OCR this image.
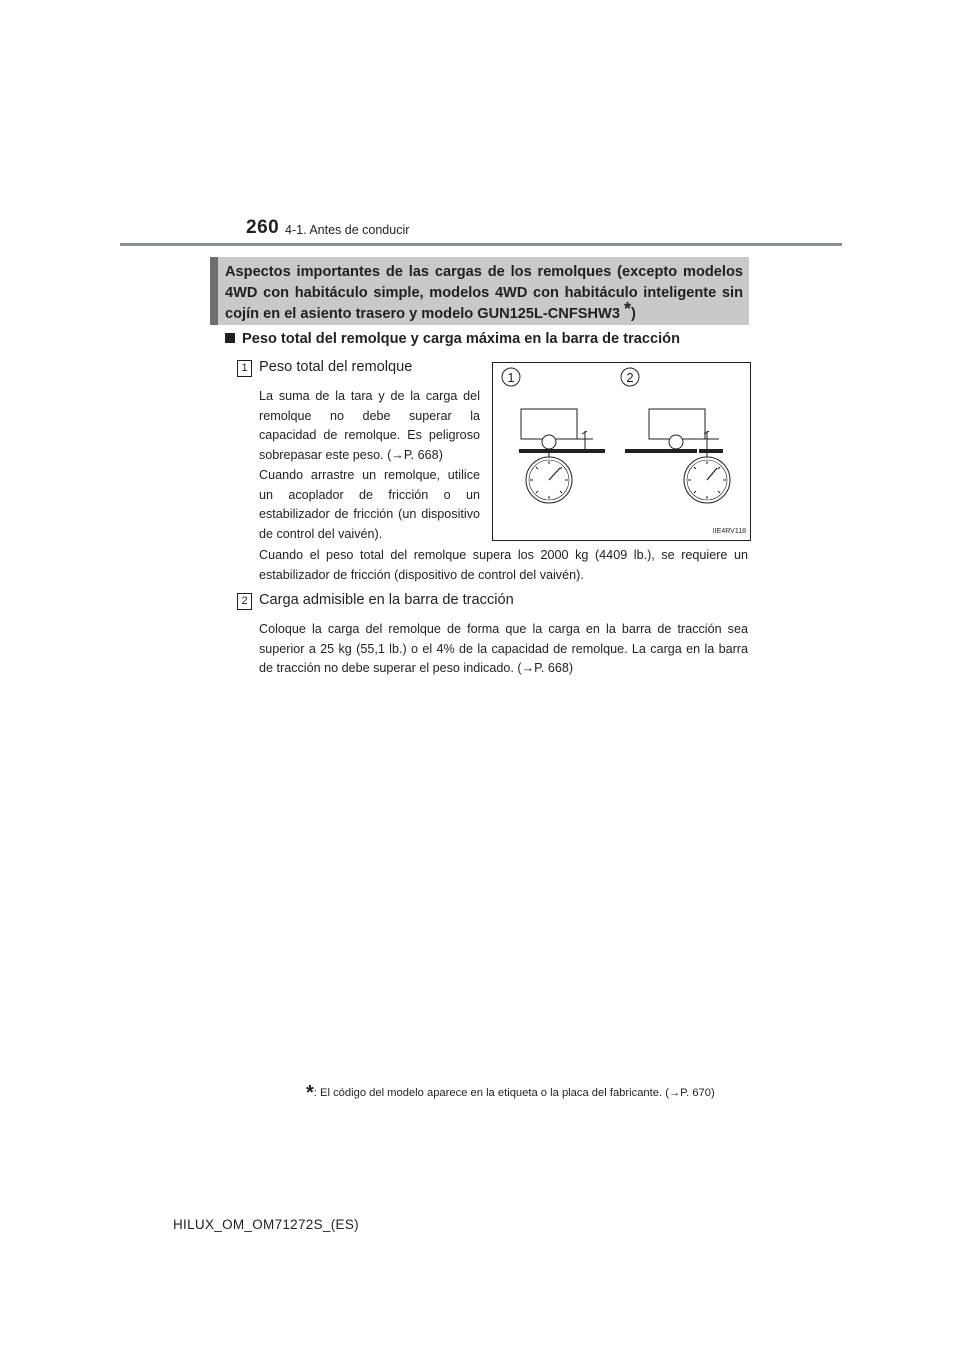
260 4-1. Antes de conducir
Aspectos importantes de las cargas de los remolques (excepto modelos 4WD con habitáculo simple, modelos 4WD con habitáculo inteligente sin cojín en el asiento trasero y modelo GUN125L-CNFSHW3 *)
Peso total del remolque y carga máxima en la barra de tracción
1 Peso total del remolque
La suma de la tara y de la carga del remolque no debe superar la capacidad de remolque. Es peligroso sobrepasar este peso. (→P. 668)
Cuando arrastre un remolque, utilice un acoplador de fricción o un estabilizador de fricción (un dispositivo de control del vaivén).
Cuando el peso total del remolque supera los 2000 kg (4409 lb.), se requiere un estabilizador de fricción (dispositivo de control del vaivén).
1	2
IIE4RV118
2 Carga admisible en la barra de tracción
Coloque la carga del remolque de forma que la carga en la barra de tracción sea superior a 25 kg (55,1 lb.) o el 4% de la capacidad de remolque. La carga en la barra de tracción no debe superar el peso indicado. (→P. 668)
*: El código del modelo aparece en la etiqueta o la placa del fabricante. (→P. 670)
HILUX_OM_OM71272S_(ES)
